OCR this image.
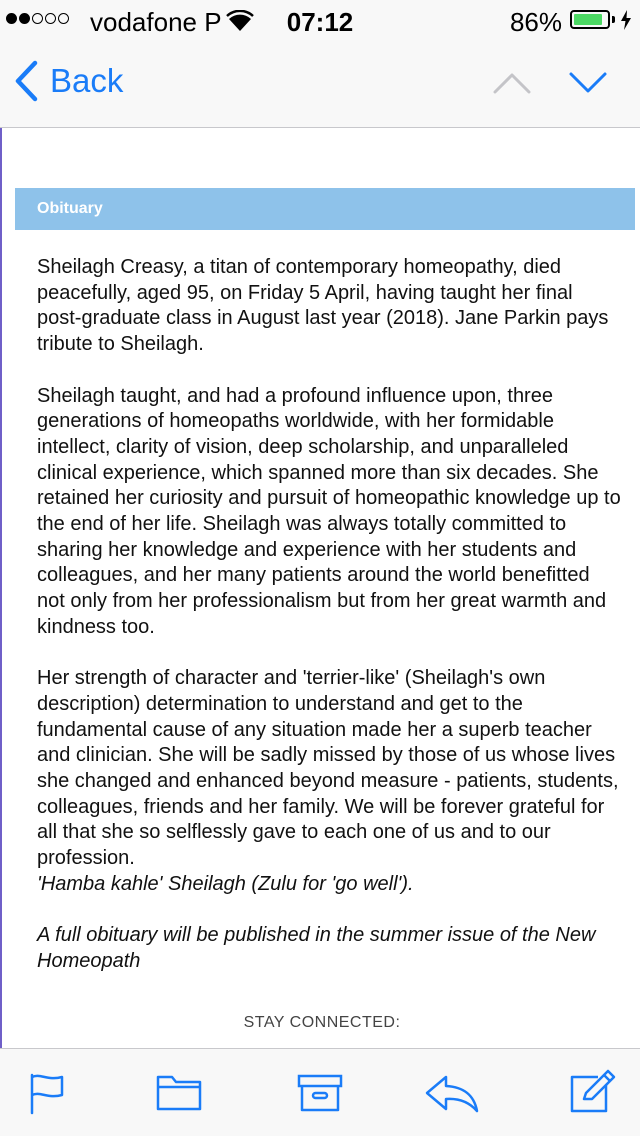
vodafone P	07:12	86%
Back
Obituary

Sheilagh Creasy, a titan of contemporary homeopathy, died peacefully, aged 95, on Friday 5 April, having taught her final post-graduate class in August last year (2018). Jane Parkin pays tribute to Sheilagh.

Sheilagh taught, and had a profound influence upon, three generations of homeopaths worldwide, with her formidable intellect, clarity of vision, deep scholarship, and unparalleled clinical experience, which spanned more than six decades. She retained her curiosity and pursuit of homeopathic knowledge up to the end of her life. Sheilagh was always totally committed to sharing her knowledge and experience with her students and colleagues, and her many patients around the world benefitted not only from her professionalism but from her great warmth and kindness too.

Her strength of character and 'terrier-like' (Sheilagh's own description) determination to understand and get to the fundamental cause of any situation made her a superb teacher and clinician. She will be sadly missed by those of us whose lives she changed and enhanced beyond measure - patients, students, colleagues, friends and her family. We will be forever grateful for all that she so selflessly gave to each one of us and to our profession.
'Hamba kahle' Sheilagh (Zulu for 'go well').

A full obituary will be published in the summer issue of the New Homeopath

STAY CONNECTED:
